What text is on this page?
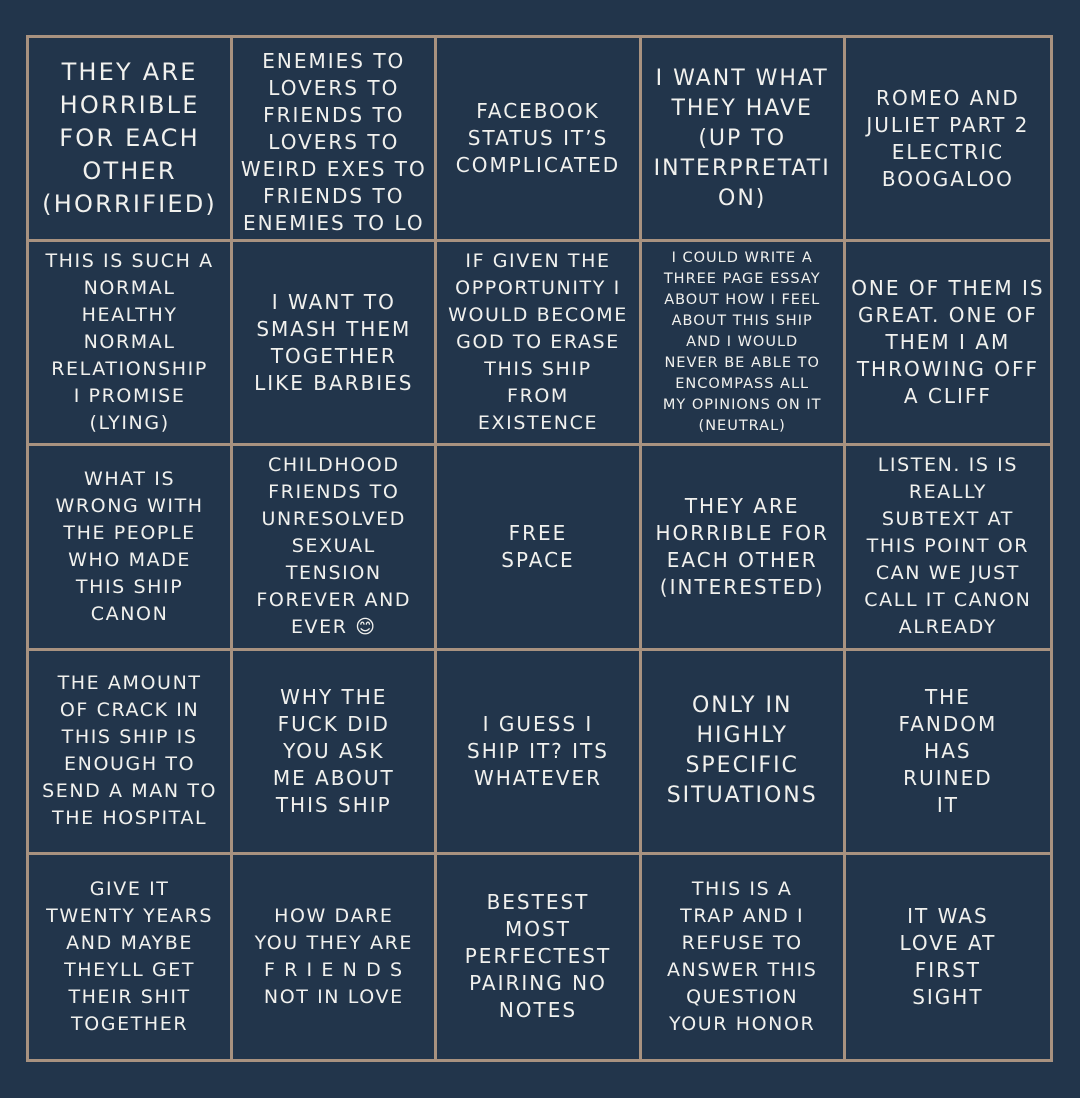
THEY ARE
HORRIBLE
FOR EACH
OTHER
(HORRIFIED)
ENEMIES TO
LOVERS TO
FRIENDS TO
LOVERS TO
WEIRD EXES TO
FRIENDS TO
ENEMIES TO LO
FACEBOOK
STATUS IT’S
COMPLICATED
I WANT WHAT
THEY HAVE
(UP TO
INTERPRETATI
ON)
ROMEO AND
JULIET PART 2
ELECTRIC
BOOGALOO
THIS IS SUCH A
NORMAL
HEALTHY
NORMAL
RELATIONSHIP
I PROMISE
(LYING)
I WANT TO
SMASH THEM
TOGETHER
LIKE BARBIES
IF GIVEN THE
OPPORTUNITY I
WOULD BECOME
GOD TO ERASE
THIS SHIP
FROM
EXISTENCE
I COULD WRITE A
THREE PAGE ESSAY
ABOUT HOW I FEEL
ABOUT THIS SHIP
AND I WOULD
NEVER BE ABLE TO
ENCOMPASS ALL
MY OPINIONS ON IT
(NEUTRAL)
ONE OF THEM IS
GREAT. ONE OF
THEM I AM
THROWING OFF
A CLIFF
WHAT IS
WRONG WITH
THE PEOPLE
WHO MADE
THIS SHIP
CANON
CHILDHOOD
FRIENDS TO
UNRESOLVED
SEXUAL
TENSION
FOREVER AND
EVER 😊
FREE
SPACE
THEY ARE
HORRIBLE FOR
EACH OTHER
(INTERESTED)
LISTEN. IS IS
REALLY
SUBTEXT AT
THIS POINT OR
CAN WE JUST
CALL IT CANON
ALREADY
THE AMOUNT
OF CRACK IN
THIS SHIP IS
ENOUGH TO
SEND A MAN TO
THE HOSPITAL
WHY THE
FUCK DID
YOU ASK
ME ABOUT
THIS SHIP
I GUESS I
SHIP IT? ITS
WHATEVER
ONLY IN
HIGHLY
SPECIFIC
SITUATIONS
THE
FANDOM
HAS
RUINED
IT
GIVE IT
TWENTY YEARS
AND MAYBE
THEYLL GET
THEIR SHIT
TOGETHER
HOW DARE
YOU THEY ARE
F R I E N D S
NOT IN LOVE
BESTEST
MOST
PERFECTEST
PAIRING NO
NOTES
THIS IS A
TRAP AND I
REFUSE TO
ANSWER THIS
QUESTION
YOUR HONOR
IT WAS
LOVE AT
FIRST
SIGHT
